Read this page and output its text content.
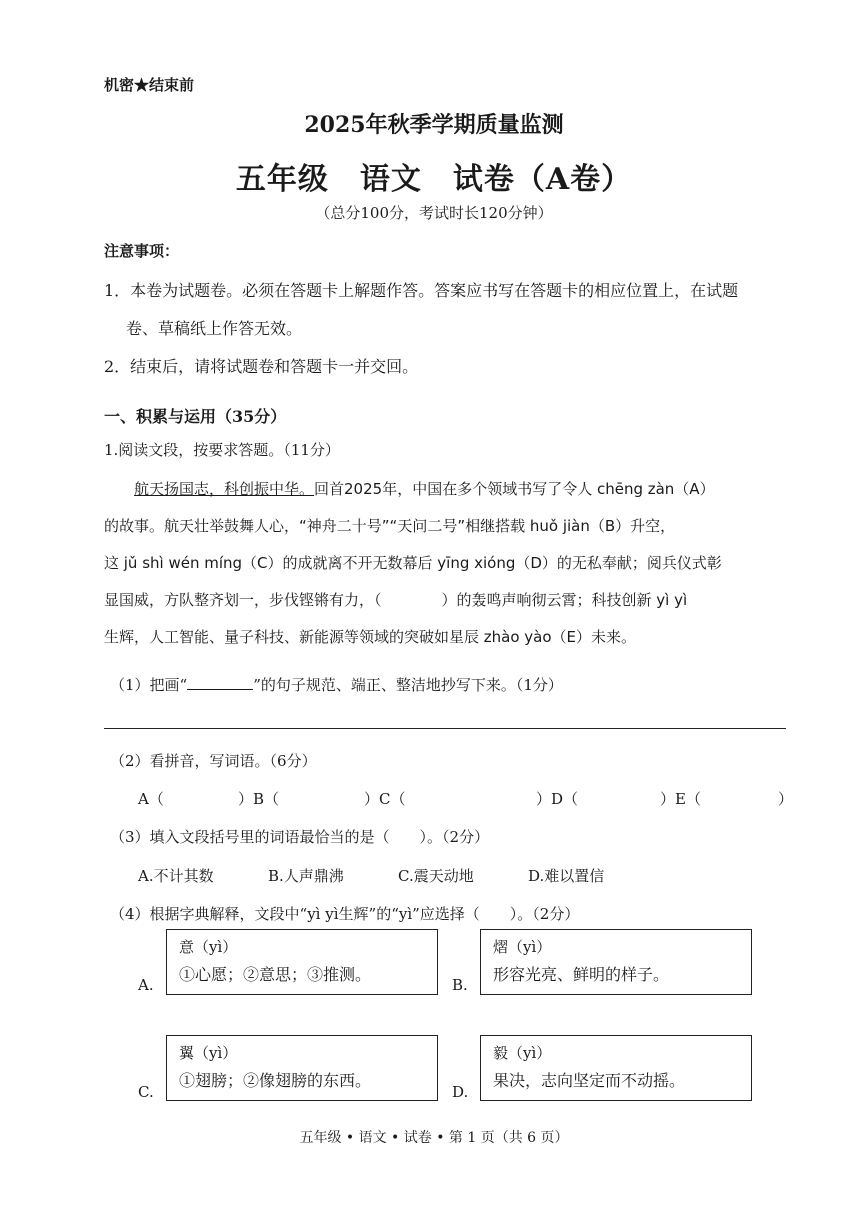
机密★结束前
2025年秋季学期质量监测
五年级　语文　试卷（A卷）
（总分100分，考试时长120分钟）
注意事项：
1．本卷为试题卷。必须在答题卡上解题作答。答案应书写在答题卡的相应位置上，在试题
卷、草稿纸上作答无效。
2．结束后，请将试题卷和答题卡一并交回。
一、积累与运用（35分）
1.阅读文段，按要求答题。（11分）
航天扬国志，科创振中华。回首2025年，中国在多个领域书写了令人 chēng zàn（A）
的故事。航天壮举鼓舞人心，“神舟二十号”“天问二号”相继搭载 huǒ jiàn（B）升空，
这 jǔ shì wén míng（C）的成就离不开无数幕后 yīng xióng（D）的无私奉献；阅兵仪式彰
显国威，方队整齐划一，步伐铿锵有力，（	）的轰鸣声响彻云霄；科技创新 yì yì
生辉，人工智能、量子科技、新能源等领域的突破如星辰 zhào yào（E）未来。
（1）把画“	”的句子规范、端正、整洁地抄写下来。（1分）
（2）看拼音，写词语。（6分）
A（	）B（	）C（	）D（	）E（	）
（3）填入文段括号里的词语最恰当的是（　　）。（2分）
A.不计其数	B.人声鼎沸	C.震天动地	D.难以置信
（4）根据字典解释，文段中“yì yì生辉”的“yì”应选择（　　）。（2分）
A.
意（yì）
①心愿；②意思；③推测。
B.
熠（yì）
形容光亮、鲜明的样子。
C.
翼（yì）
①翅膀；②像翅膀的东西。
D.
毅（yì）
果决，志向坚定而不动摇。
五年级 • 语文 • 试卷 • 第 1 页（共 6 页）
